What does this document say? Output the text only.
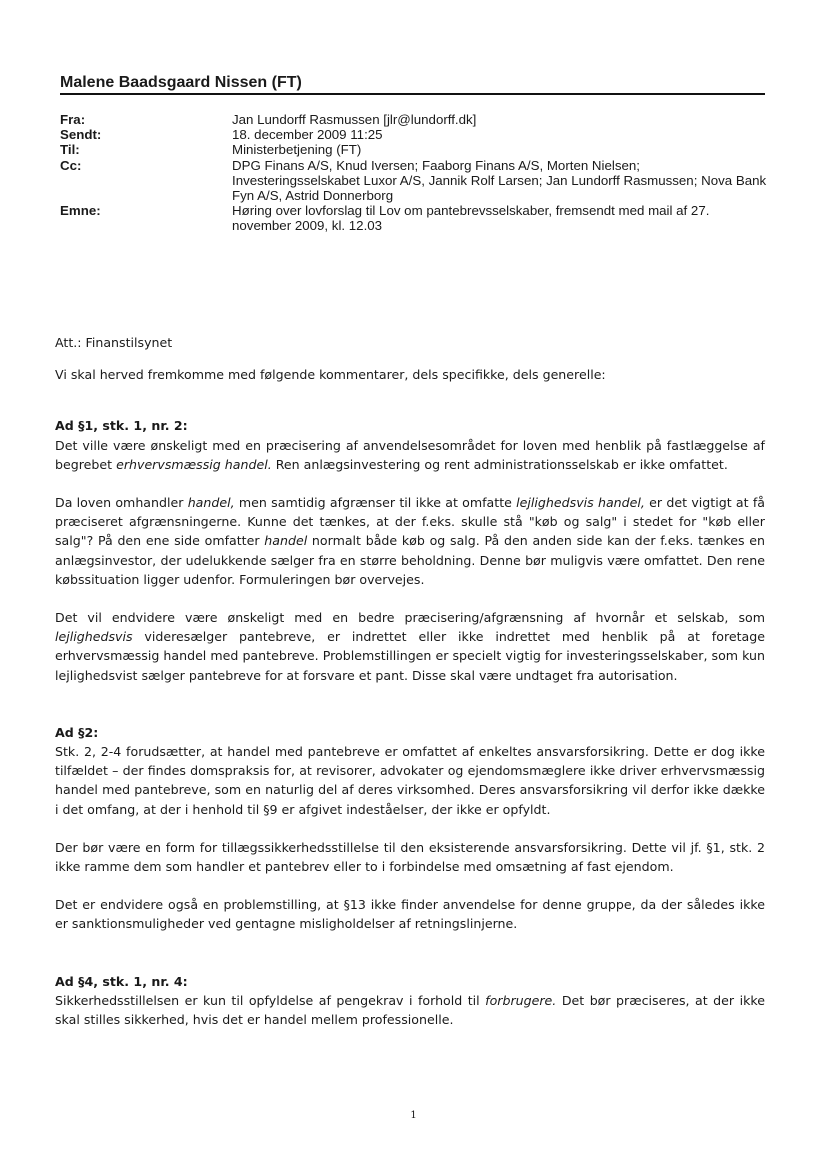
Malene Baadsgaard Nissen (FT)
Fra:	Jan Lundorff Rasmussen [jlr@lundorff.dk]
Sendt:	18. december 2009 11:25
Til:	Ministerbetjening (FT)
Cc:	DPG Finans A/S, Knud Iversen; Faaborg Finans A/S, Morten Nielsen; Investeringsselskabet Luxor A/S, Jannik Rolf Larsen; Jan Lundorff Rasmussen; Nova Bank Fyn A/S, Astrid Donnerborg
Emne:	Høring over lovforslag til Lov om pantebrevsselskaber, fremsendt med mail af 27. november 2009, kl. 12.03

Att.: Finanstilsynet

Vi skal herved fremkomme med følgende kommentarer, dels specifikke, dels generelle:

Ad §1, stk. 1, nr. 2:

Det ville være ønskeligt med en præcisering af anvendelsesområdet for loven med henblik på fastlæggelse af begrebet erhvervsmæssig handel. Ren anlægsinvestering og rent administrationsselskab er ikke omfattet.

Da loven omhandler handel, men samtidig afgrænser til ikke at omfatte lejlighedsvis handel, er det vigtigt at få præciseret afgrænsningerne. Kunne det tænkes, at der f.eks. skulle stå "køb og salg" i stedet for "køb eller salg"? På den ene side omfatter handel normalt både køb og salg. På den anden side kan der f.eks. tænkes en anlægsinvestor, der udelukkende sælger fra en større beholdning. Denne bør muligvis være omfattet. Den rene købssituation ligger udenfor. Formuleringen bør overvejes.

Det vil endvidere være ønskeligt med en bedre præcisering/afgrænsning af hvornår et selskab, som lejlighedsvis videresælger pantebreve, er indrettet eller ikke indrettet med henblik på at foretage erhvervsmæssig handel med pantebreve. Problemstillingen er specielt vigtig for investeringsselskaber, som kun lejlighedsvist sælger pantebreve for at forsvare et pant. Disse skal være undtaget fra autorisation.

Ad §2:

Stk. 2, 2-4 forudsætter, at handel med pantebreve er omfattet af enkeltes ansvarsforsikring. Dette er dog ikke tilfældet – der findes domspraksis for, at revisorer, advokater og ejendomsmæglere ikke driver erhvervsmæssig handel med pantebreve, som en naturlig del af deres virksomhed. Deres ansvarsforsikring vil derfor ikke dække i det omfang, at der i henhold til §9 er afgivet indeståelser, der ikke er opfyldt.

Der bør være en form for tillægssikkerhedsstillelse til den eksisterende ansvarsforsikring. Dette vil jf. §1, stk. 2 ikke ramme dem som handler et pantebrev eller to i forbindelse med omsætning af fast ejendom.

Det er endvidere også en problemstilling, at §13 ikke finder anvendelse for denne gruppe, da der således ikke er sanktionsmuligheder ved gentagne misligholdelser af retningslinjerne.

Ad §4, stk. 1, nr. 4:

Sikkerhedsstillelsen er kun til opfyldelse af pengekrav i forhold til forbrugere. Det bør præciseres, at der ikke skal stilles sikkerhed, hvis det er handel mellem professionelle.

1
